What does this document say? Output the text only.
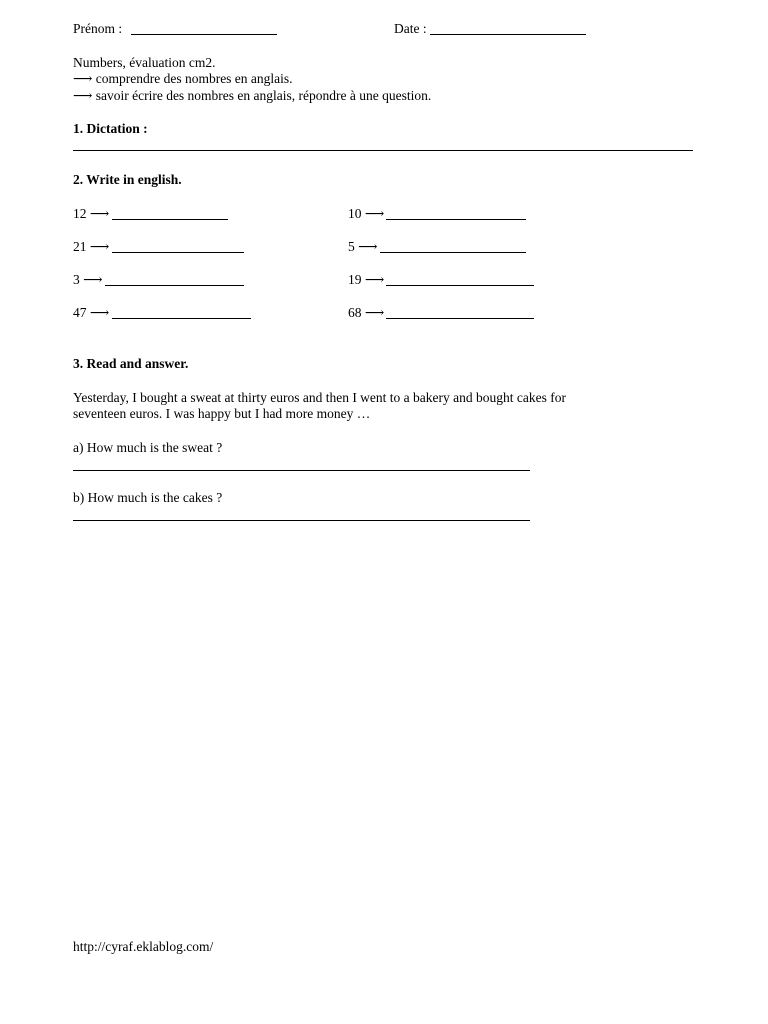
Prénom :	Date :
Numbers, évaluation cm2.
⟶ comprendre des nombres en anglais.
⟶ savoir écrire des nombres en anglais, répondre à une question.
1. Dictation :
2. Write in english.
12 ⟶	10 ⟶
21 ⟶	5 ⟶
3 ⟶	19 ⟶
47 ⟶	68 ⟶
3. Read and answer.
Yesterday, I bought a sweat at thirty euros and then I went to a bakery and bought cakes for
seventeen euros. I was happy but I had more money …
a) How much is the sweat ?
b) How much is the cakes ?
http://cyraf.eklablog.com/
